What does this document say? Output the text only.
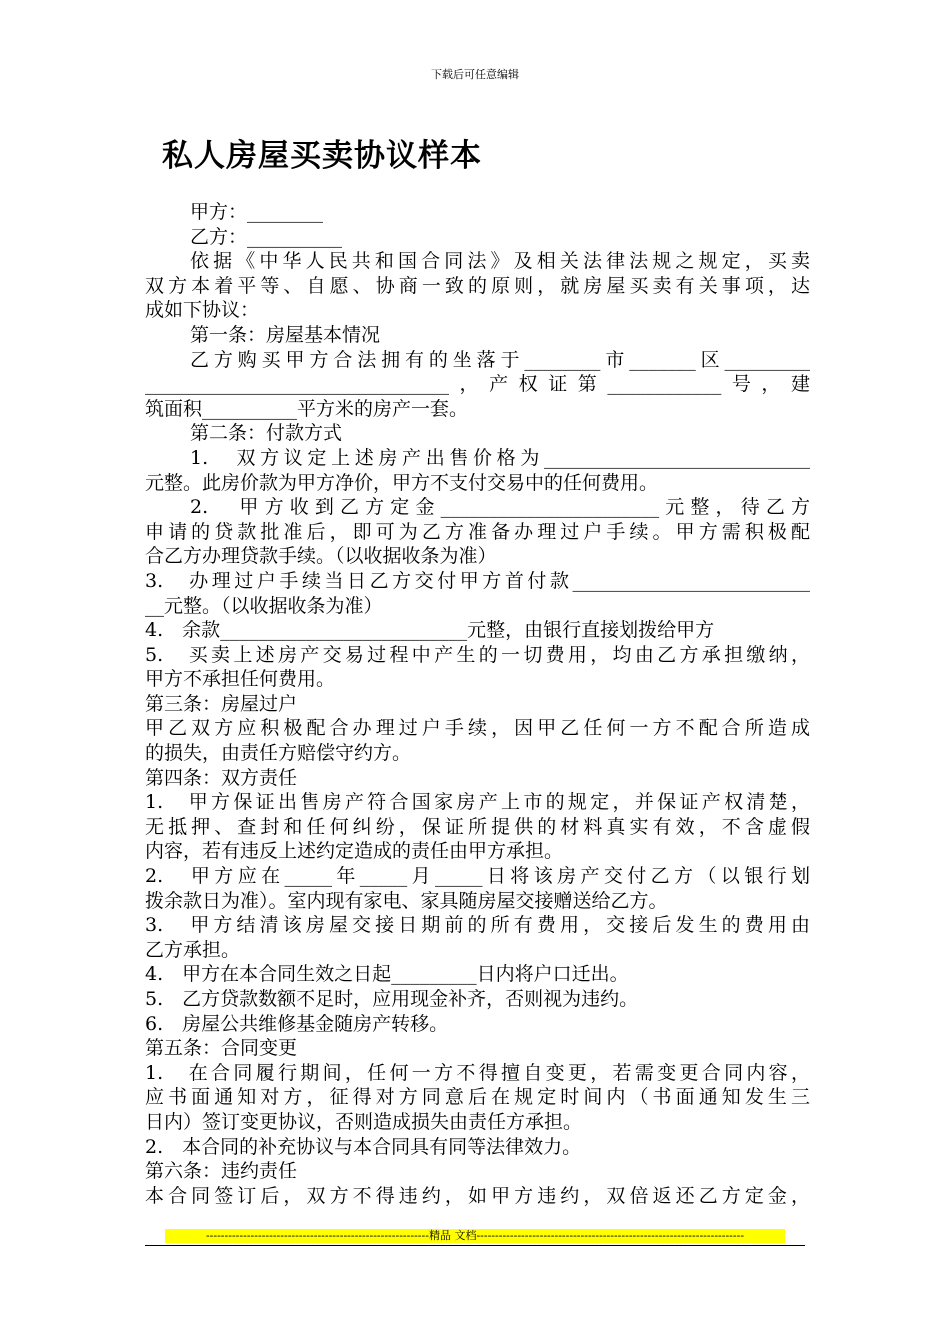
下载后可任意编辑
私人房屋买卖协议样本
甲方：________
乙方：__________
依据《中华人民共和国合同法》及相关法律法规之规定，买卖
双方本着平等、自愿、协商一致的原则，就房屋买卖有关事项，达
成如下协议：
第一条：房屋基本情况
乙方购买甲方合法拥有的坐落于________市_______区_________
________________________________，产权证第____________号，建
筑面积__________平方米的房产一套。
第二条：付款方式
1.　双方议定上述房产出售价格为____________________________
元整。此房价款为甲方净价，甲方不支付交易中的任何费用。
2.　甲方收到乙方定金_______________________元整，待乙方
申请的贷款批准后，即可为乙方准备办理过户手续。甲方需积极配
合乙方办理贷款手续。（以收据收条为准）
3.　办理过户手续当日乙方交付甲方首付款_________________________
__元整。（以收据收条为准）
4.　余款__________________________元整，由银行直接划拨给甲方
5.　买卖上述房产交易过程中产生的一切费用，均由乙方承担缴纳，
甲方不承担任何费用。
第三条：房屋过户
甲乙双方应积极配合办理过户手续，因甲乙任何一方不配合所造成
的损失，由责任方赔偿守约方。
第四条：双方责任
1.　甲方保证出售房产符合国家房产上市的规定，并保证产权清楚，
无抵押、查封和任何纠纷，保证所提供的材料真实有效，不含虚假
内容，若有违反上述约定造成的责任由甲方承担。
2.　甲方应在_____年_____月_____日将该房产交付乙方（以银行划
拨余款日为准）。室内现有家电、家具随房屋交接赠送给乙方。
3.　甲方结清该房屋交接日期前的所有费用，交接后发生的费用由
乙方承担。
4.　甲方在本合同生效之日起_________日内将户口迁出。
5.　乙方贷款数额不足时，应用现金补齐，否则视为违约。
6.　房屋公共维修基金随房产转移。
第五条：合同变更
1.　在合同履行期间，任何一方不得擅自变更，若需变更合同内容，
应书面通知对方，征得对方同意后在规定时间内（书面通知发生三
日内）签订变更协议，否则造成损失由责任方承担。
2.　本合同的补充协议与本合同具有同等法律效力。
第六条：违约责任
本合同签订后，双方不得违约，如甲方违约，双倍返还乙方定金，
------------------------------------------------------------精品 文档------------------------------------------------------------------------
